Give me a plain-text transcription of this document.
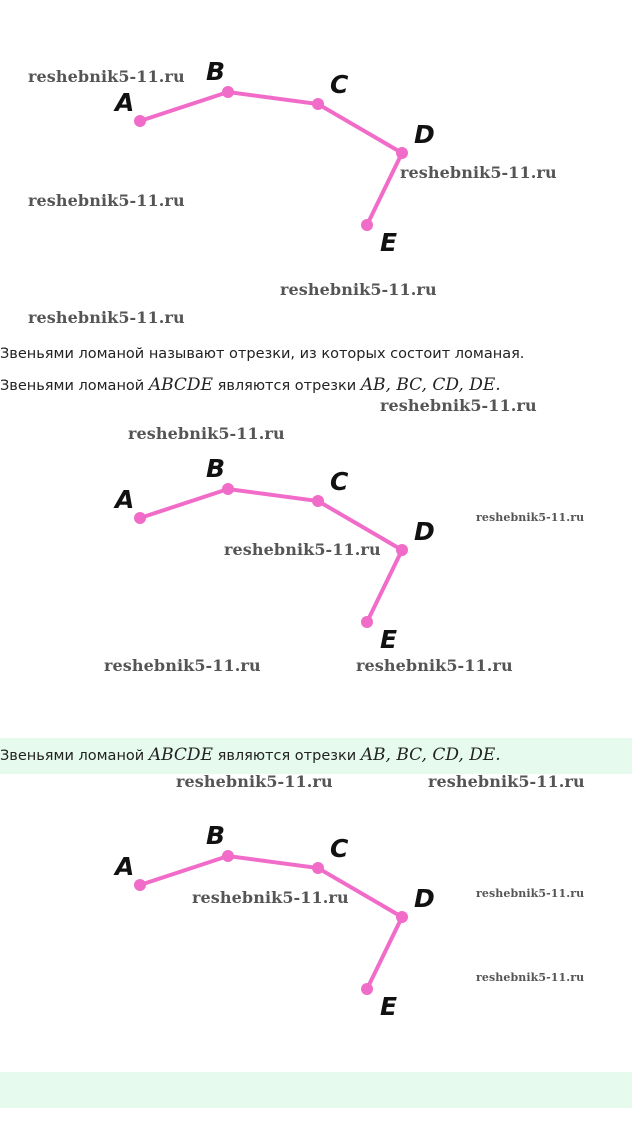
A
B	C
D
E
reshebnik5-11.ru
reshebnik5-11.ru
reshebnik5-11.ru
reshebnik5-11.ru
reshebnik5-11.ru
Звеньями ломаной называют отрезки, из которых состоит ломаная.
Звеньями ломаной ABCDE являются отрезки AB, BC, CD, DE.
reshebnik5-11.ru
reshebnik5-11.ru
A
B	C
D
E
reshebnik5-11.ru
reshebnik5-11.ru
reshebnik5-11.ru	reshebnik5-11.ru
Звеньями ломаной ABCDE являются отрезки AB, BC, CD, DE.
reshebnik5-11.ru	reshebnik5-11.ru
A
B	C
D
E
reshebnik5-11.ru	reshebnik5-11.ru
reshebnik5-11.ru
